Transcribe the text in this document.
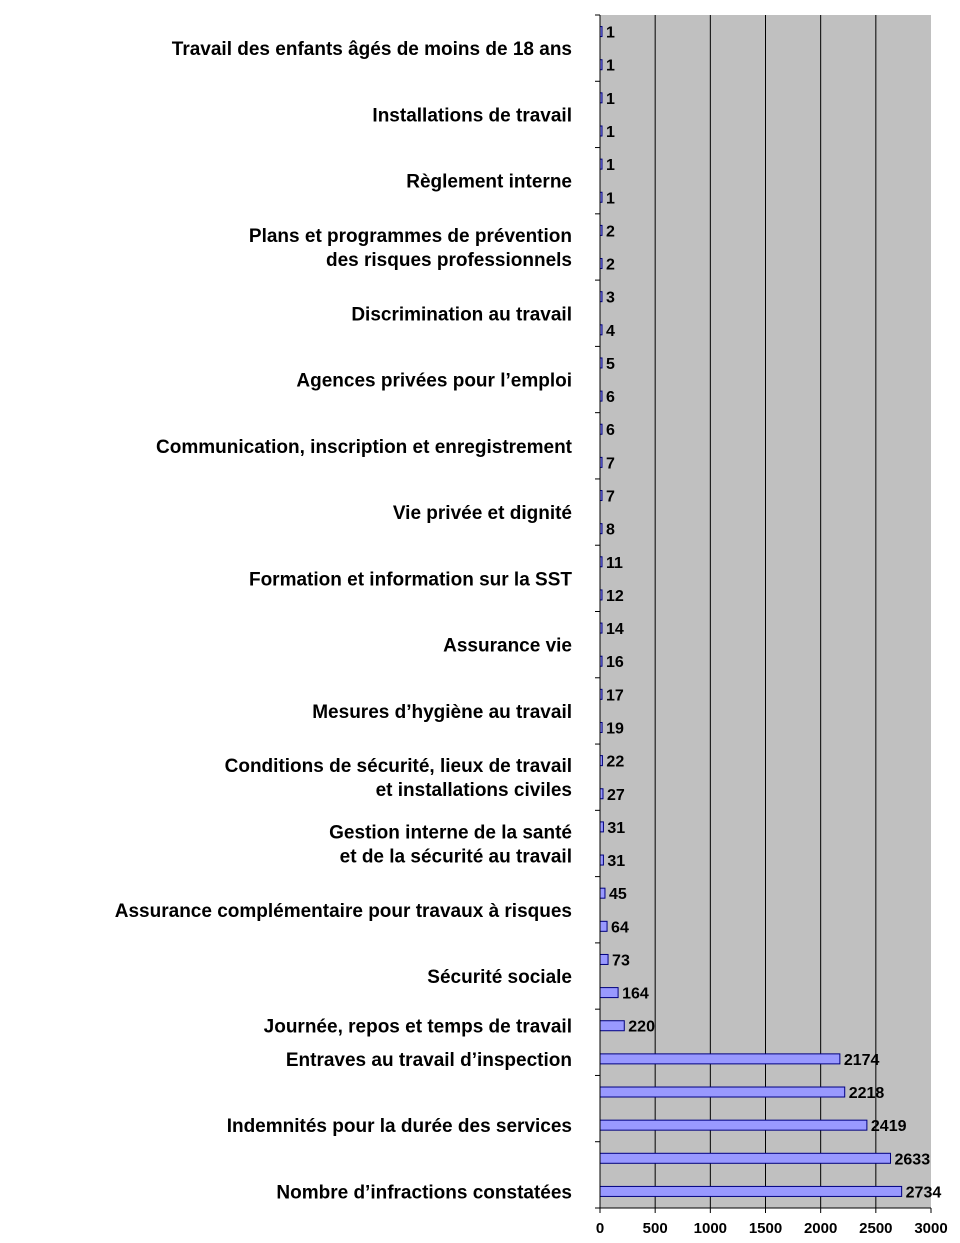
2734
2633
2419
2218
2174
220
164
73
64
45
31
31
27
22
19
17
16
14
12
11
8
7
7
6
6
5
4
3
2
2
1
1
1
1
1
1
Nombre d’infractions constatées
Indemnités pour la durée des services
Entraves au travail d’inspection
Journée, repos et temps de travail
Sécurité sociale
Assurance complémentaire pour travaux à risques
Gestion interne de la santé
et de la sécurité au travail
Conditions de sécurité, lieux de travail
et installations civiles
Mesures d’hygiène au travail
Assurance vie
Formation et information sur la SST
Vie privée et dignité
Communication, inscription et enregistrement
Agences privées pour l’emploi
Discrimination au travail
Plans et programmes de prévention
des risques professionnels
Règlement interne
Installations de travail
Travail des enfants âgés de moins de 18 ans
0	500 1000 1500 2000 2500 3000
